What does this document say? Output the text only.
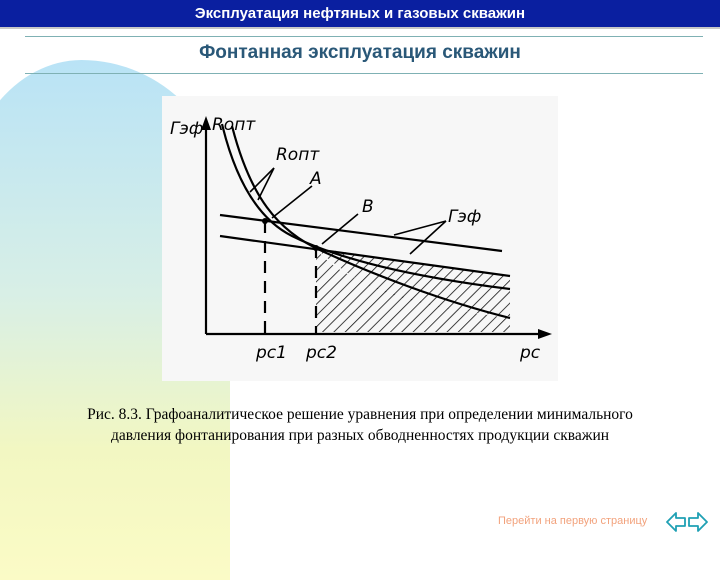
Эксплуатация нефтяных и газовых скважин
Фонтанная эксплуатация скважин
Гэф Rопт
Rопт
A
B	Гэф
pc1 pc2	pc
Рис. 8.3. Графоаналитическое решение уравнения при определении минимального
давления фонтанирования при разных обводненностях продукции скважин
Перейти на первую страницу
